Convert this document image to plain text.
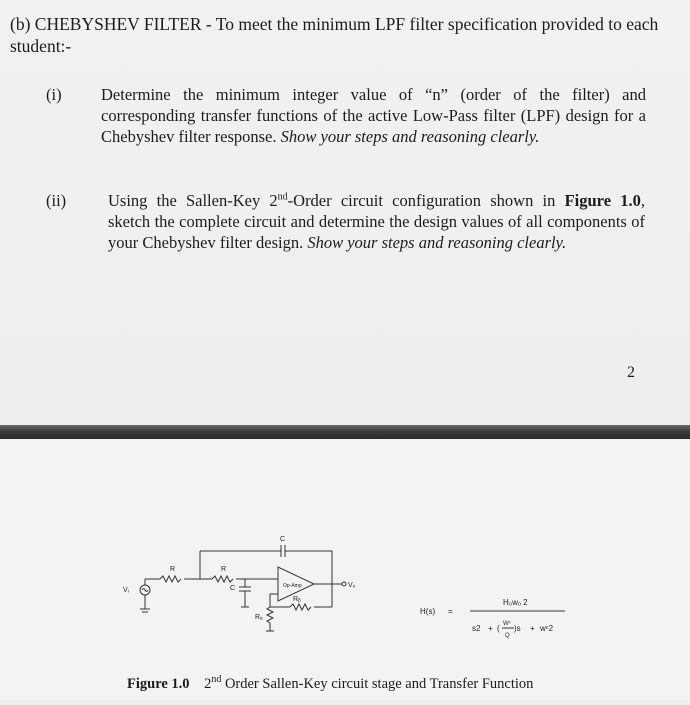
(b) CHEBYSHEV FILTER - To meet the minimum LPF filter specification provided to each student:-
(i) Determine the minimum integer value of “n” (order of the filter) and corresponding transfer functions of the active Low-Pass filter (LPF) design for a Chebyshev filter response. Show your steps and reasoning clearly.
(ii)	Using the Sallen-Key 2nd-Order circuit configuration shown in Figure 1.0, sketch the complete circuit and determine the design values of all components of your Chebyshev filter design. Show your steps and reasoning clearly.
2
Vᵢ
R	R
C
C	Op-Amp	Vₒ
Rₐ
Rᵦ
H(s) =
H₀wₒ 2
s2 + ( Wᶜ
Q
)s + wᶜ2
Figure 1.0 2nd Order Sallen-Key circuit stage and Transfer Function
